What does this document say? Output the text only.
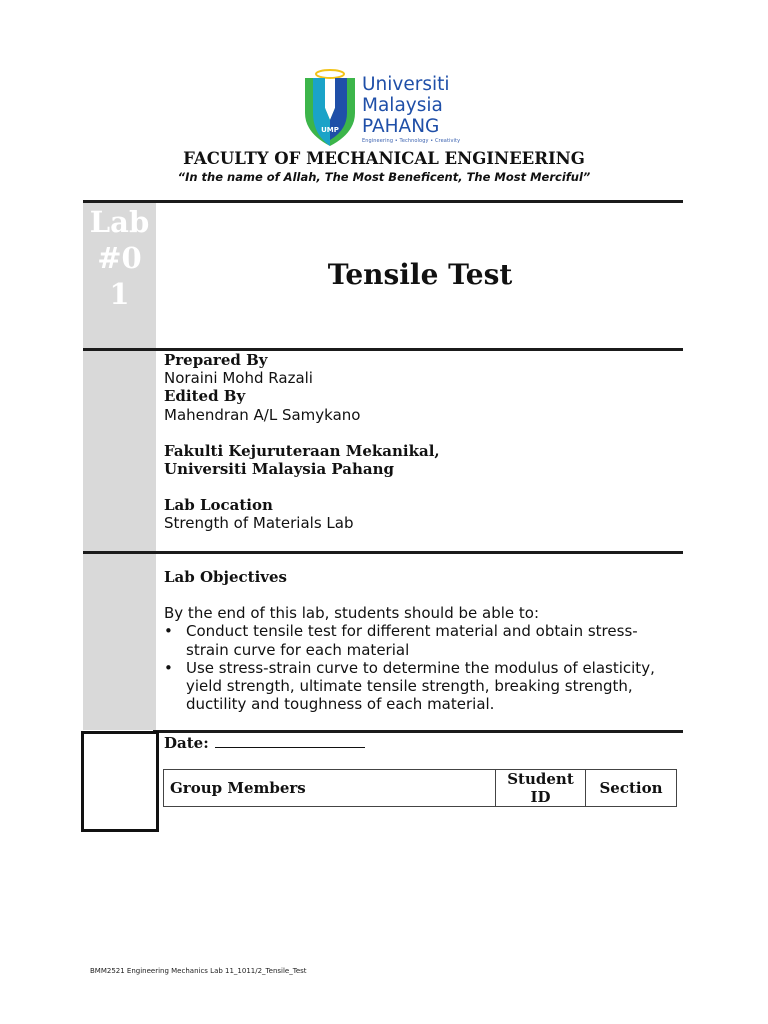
UMP
Universiti
Malaysia
PAHANG
Engineering • Technology • Creativity
FACULTY OF MECHANICAL ENGINEERING
“In the name of Allah, The Most Beneficent, The Most Merciful”
Lab #01
Tensile Test
Prepared By
Noraini Mohd Razali
Edited By
Mahendran A/L Samykano
Fakulti Kejuruteraan Mekanikal,
Universiti Malaysia Pahang
Lab Location
Strength of Materials Lab
Lab Objectives
By the end of this lab, students should be able to:
• Conduct tensile test for different material and obtain stress-strain curve for each material
• Use stress-strain curve to determine the modulus of elasticity, yield strength, ultimate tensile strength, breaking strength, ductility and toughness of each material.
Date:
Group Members	Student ID	Section
BMM2521 Engineering Mechanics Lab 11_1011/2_Tensile_Test
